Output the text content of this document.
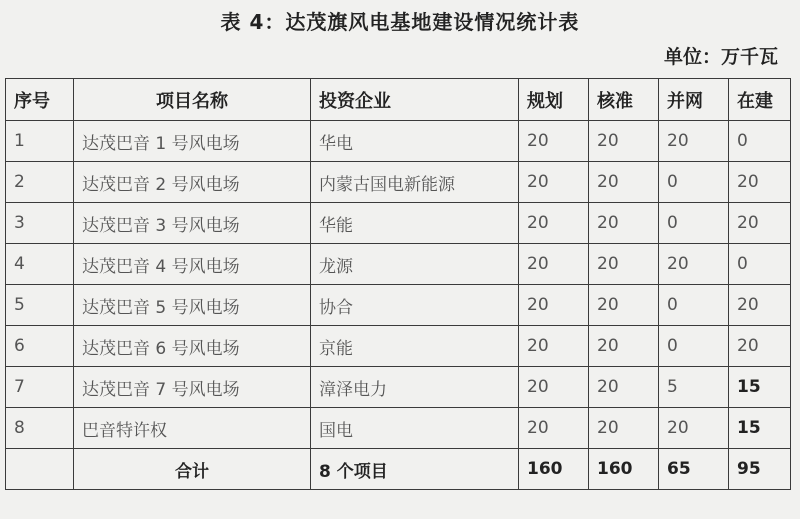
表 4：达茂旗风电基地建设情况统计表
单位：万千瓦
序号	项目名称	投资企业	规划	核准	并网	在建
1	达茂巴音 1 号风电场	华电	20	20	20	0
2	达茂巴音 2 号风电场	内蒙古国电新能源	20	20	0	20
3	达茂巴音 3 号风电场	华能	20	20	0	20
4	达茂巴音 4 号风电场	龙源	20	20	20	0
5	达茂巴音 5 号风电场	协合	20	20	0	20
6	达茂巴音 6 号风电场	京能	20	20	0	20
7	达茂巴音 7 号风电场	漳泽电力	20	20	5	15
8	巴音特许权	国电	20	20	20	15
	合计	8 个项目	160	160	65	95
